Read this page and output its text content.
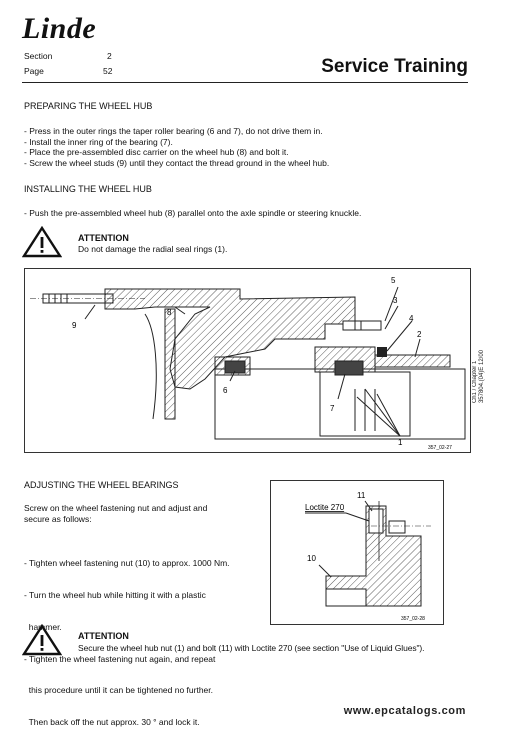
Linde
Section	2
Page	52	Service Training
PREPARING THE WHEEL HUB
- Press in the outer rings the taper roller bearing (6 and 7), do not drive them in.
- Install the inner ring of the bearing (7).
- Place the pre-assembled disc carrier on the wheel hub (8) and bolt it.
- Screw the wheel studs (9) until they contact the thread ground in the wheel hub.
INSTALLING THE WHEEL HUB
- Push the pre-assembled wheel hub (8) parallel onto the axle spindle or steering knuckle.
ATTENTION
Do not damage the radial seal rings (1).
5
3
4
2
9
8
6
7
1
357_02-27
Ch1 / Chapter 1 357804.(04)E 12/00
ADJUSTING THE WHEEL BEARINGS
Screw on the wheel fastening nut and adjust and
secure as follows:

- Tighten wheel fastening nut (10) to approx. 1000 Nm.

- Turn the wheel hub while hitting it with a plastic

hammer.

- Tighten the wheel fastening nut again, and repeat

this procedure until it can be tightened no further.

Then back off the nut approx. 30 ° and lock it.

Loctite 270
11
10
357_02-28
ATTENTION
Secure the wheel hub nut (1) and bolt (11) with Loctite 270 (see section "Use of Liquid Glues").
www.epcatalogs.com
